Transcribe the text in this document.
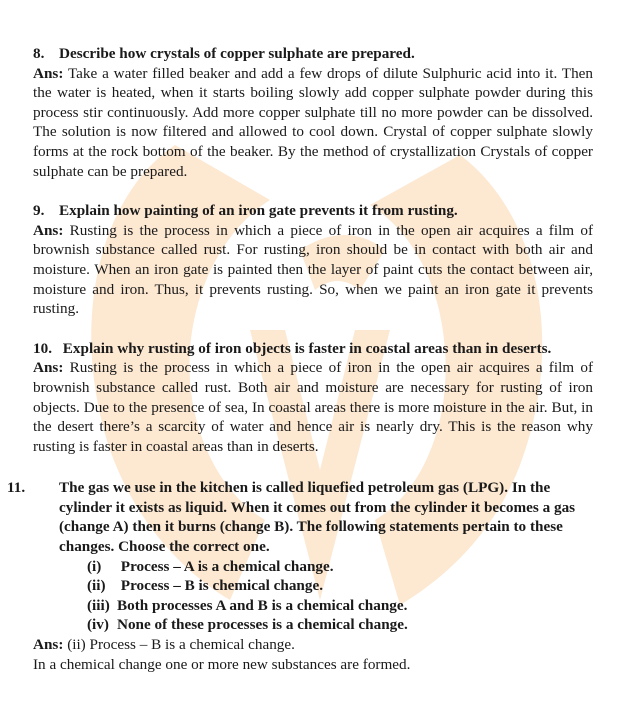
8. Describe how crystals of copper sulphate are prepared.

Ans: Take a water filled beaker and add a few drops of dilute Sulphuric acid into it. Then the water is heated, when it starts boiling slowly add copper sulphate powder during this process stir continuously. Add more copper sulphate till no more powder can be dissolved. The solution is now filtered and allowed to cool down. Crystal of copper sulphate slowly forms at the rock bottom of the beaker. By the method of crystallization Crystals of copper sulphate can be prepared.

9. Explain how painting of an iron gate prevents it from rusting.

Ans: Rusting is the process in which a piece of iron in the open air acquires a film of brownish substance called rust. For rusting, iron should be in contact with both air and moisture. When an iron gate is painted then the layer of paint cuts the contact between air, moisture and iron. Thus, it prevents rusting. So, when we paint an iron gate it prevents rusting.

10. Explain why rusting of iron objects is faster in coastal areas than in deserts.

Ans: Rusting is the process in which a piece of iron in the open air acquires a film of brownish substance called rust. Both air and moisture are necessary for rusting of iron objects. Due to the presence of sea, In coastal areas there is more moisture in the air. But, in the desert there’s a scarcity of water and hence air is nearly dry. This is the reason why rusting is faster in coastal areas than in deserts.

11. The gas we use in the kitchen is called liquefied petroleum gas (LPG). In the cylinder it exists as liquid. When it comes out from the cylinder it becomes a gas (change A) then it burns (change B). The following statements pertain to these changes. Choose the correct one.
(i) Process – A is a chemical change.
(ii) Process – B is chemical change.
(iii) Both processes A and B is a chemical change.
(iv) None of these processes is a chemical change.

Ans: (ii) Process – B is a chemical change.

In a chemical change one or more new substances are formed.
